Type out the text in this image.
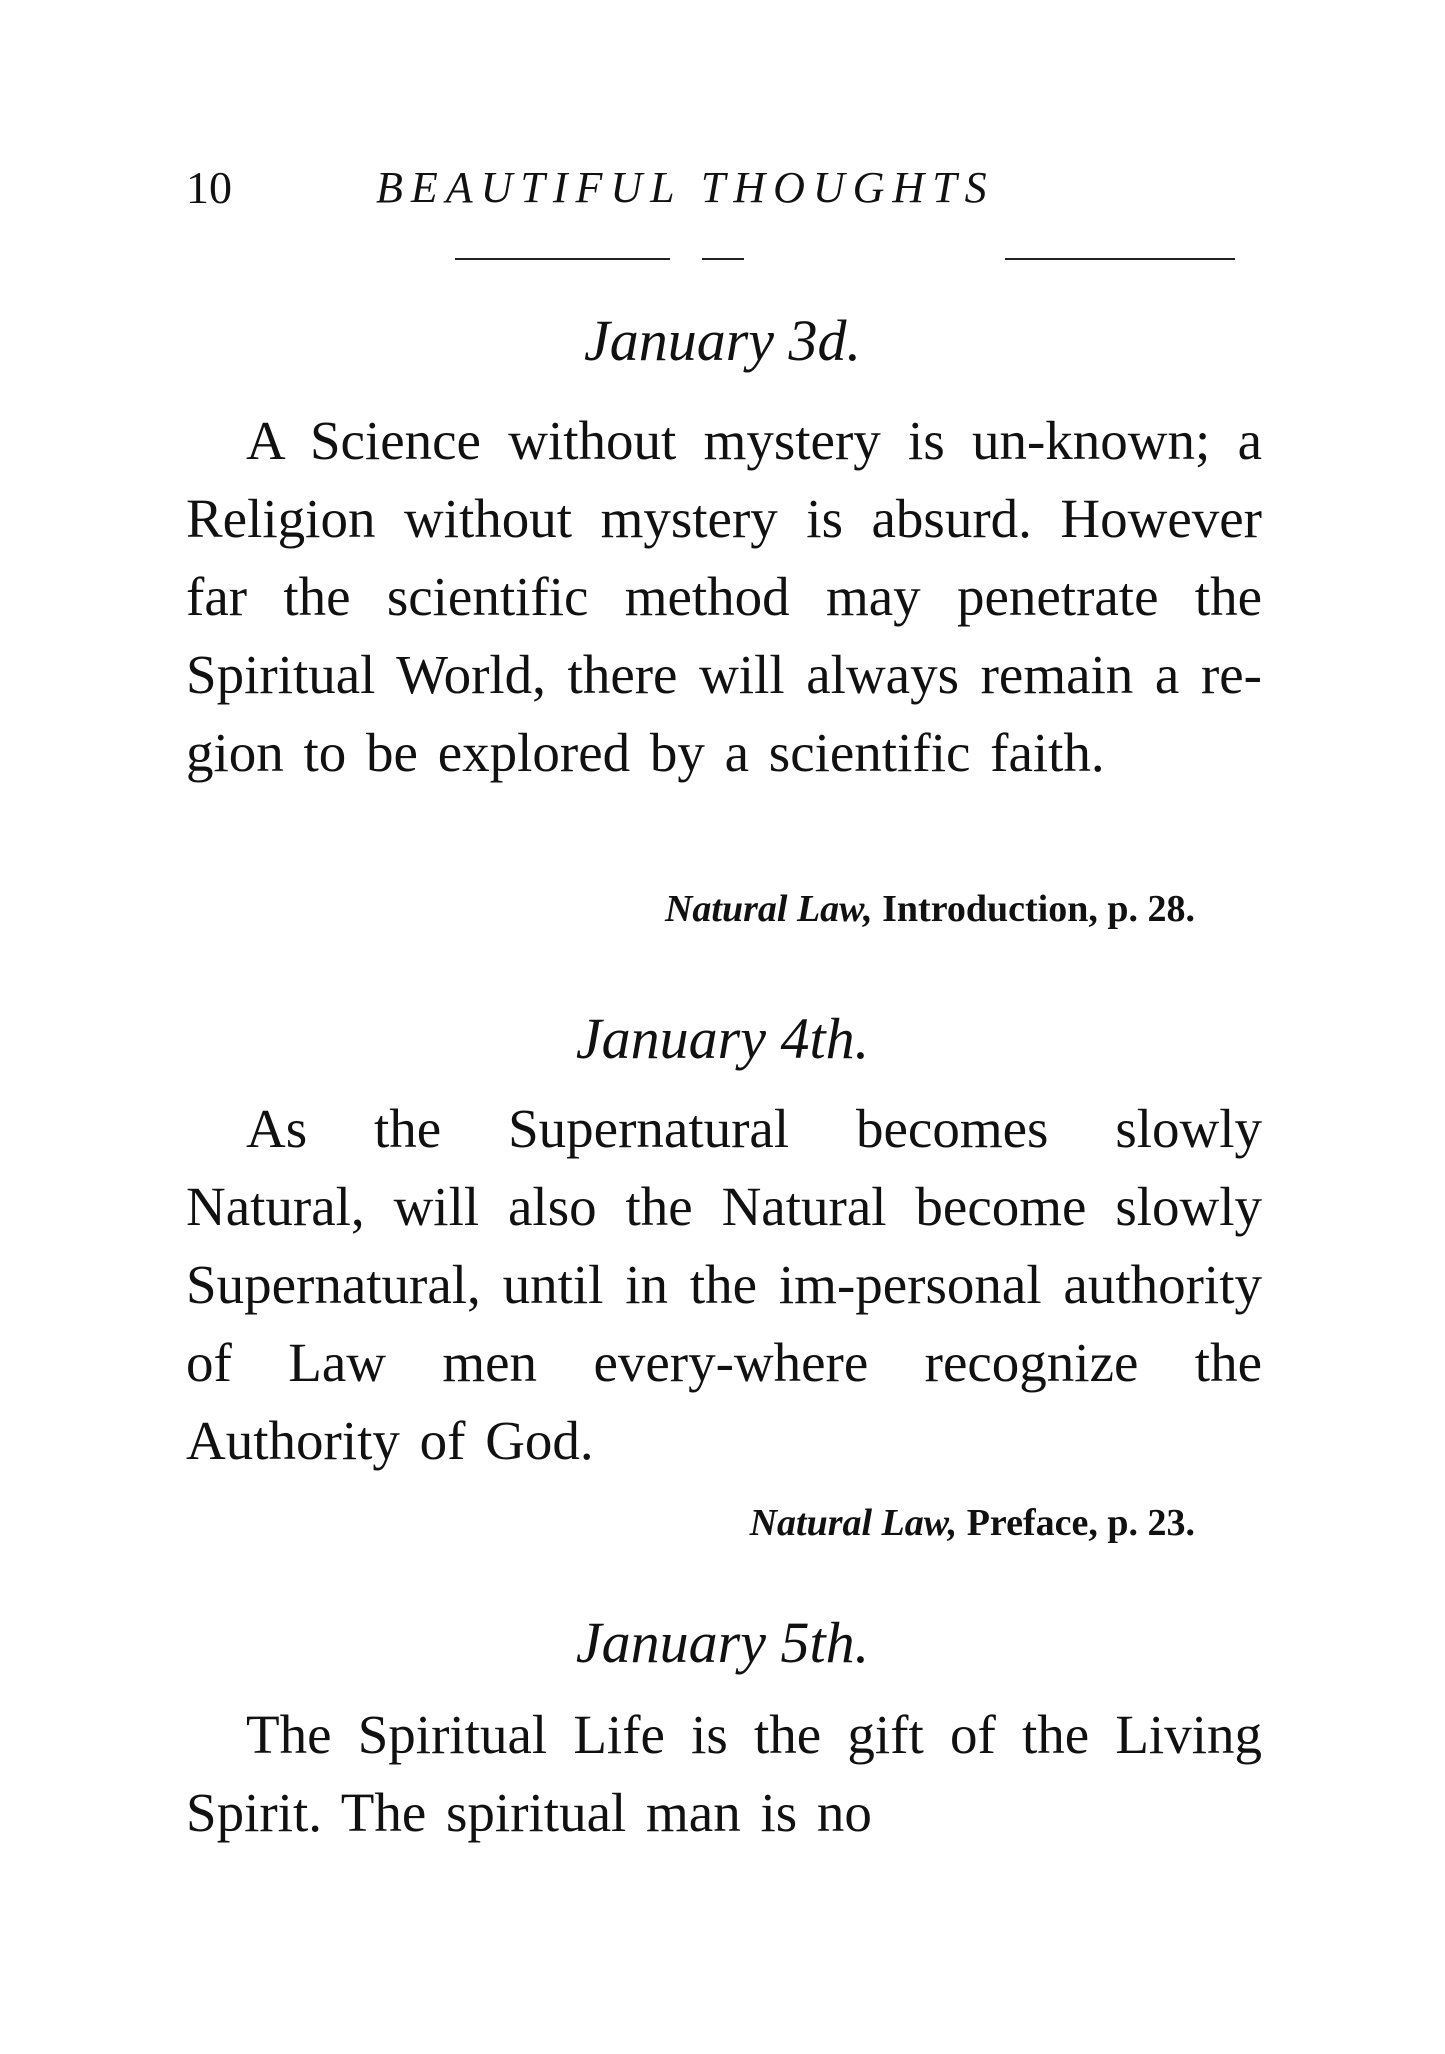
10	BEAUTIFUL THOUGHTS
January 3d.

A Science without mystery is un-known; a Religion without mystery is absurd. However far the scientific method may penetrate the Spiritual World, there will always remain a re-gion to be explored by a scientific faith.

Natural Law, Introduction, p. 28.
January 4th.

As the Supernatural becomes slowly Natural, will also the Natural become slowly Supernatural, until in the im-personal authority of Law men every-where recognize the Authority of God.

Natural Law, Preface, p. 23.
January 5th.

The Spiritual Life is the gift of the Living Spirit. The spiritual man is no
